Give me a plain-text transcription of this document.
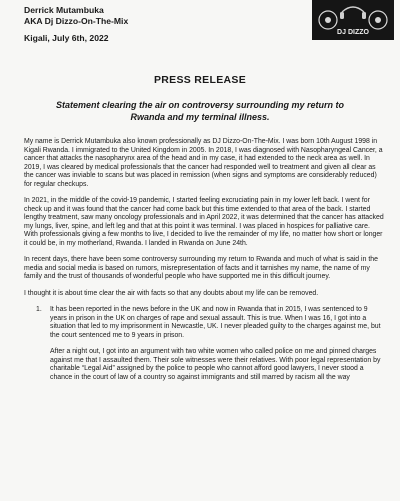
Derrick Mutambuka

AKA Dj Dizzo-On-The-Mix

Kigali, July 6th, 2022

DJ DIZZO

PRESS RELEASE

Statement clearing the air on controversy surrounding my return to Rwanda and my terminal illness.

My name is Derrick Mutambuka also known professionally as DJ Dizzo-On-The-Mix. I was born 10th August 1998 in Kigali Rwanda. I immigrated to the United Kingdom in 2005. In 2018, I was diagnosed with Nasopharyngeal Cancer, a cancer that attacks the nasopharynx area of the head and in my case, it had extended to the neck area as well. In 2019, I was cleared by medical professionals that the cancer had responded well to treatment and given all clear as the cancer was inviable to scans but was placed in remission (when signs and symptoms are considerably reduced) for regular checkups.

In 2021, in the middle of the covid-19 pandemic, I started feeling excruciating pain in my lower left back. I went for check up and it was found that the cancer had come back but this time extended to that area of the back. I started lengthy treatment, saw many oncology professionals and in April 2022, it was determined that the cancer has attacked my lungs, liver, spine, and left leg and that at this point it was terminal. I was placed in hospices for palliative care. With professionals giving a few months to live, I decided to live the remainder of my life, no matter how short or longer it could be, in my motherland, Rwanda. I landed in Rwanda on June 24th.

In recent days, there have been some controversy surrounding my return to Rwanda and much of what is said in the media and social media is based on rumors, misrepresentation of facts and it tarnishes my name, the name of my family and the trust of thousands of wonderful people who have supported me in this difficult journey.

I thought it is about time clear the air with facts so that any doubts about my life can be removed.

1. It has been reported in the news before in the UK and now in Rwanda that in 2015, I was sentenced to 9 years in prison in the UK on charges of rape and sexual assault. This is true. When I was 16, I got into a situation that led to my imprisonment in Newcastle, UK. I never pleaded guilty to the charges against me, but the court sentenced me to 9 years in prison.

After a night out, I got into an argument with two white women who called police on me and pinned charges against me that I assaulted them. Their sole witnesses were their relatives. With poor legal representation by charitable “Legal Aid” assigned by the police to people who cannot afford good lawyers, I never stood a chance in the court of law of a country so against immigrants and still marred by racism all the way
